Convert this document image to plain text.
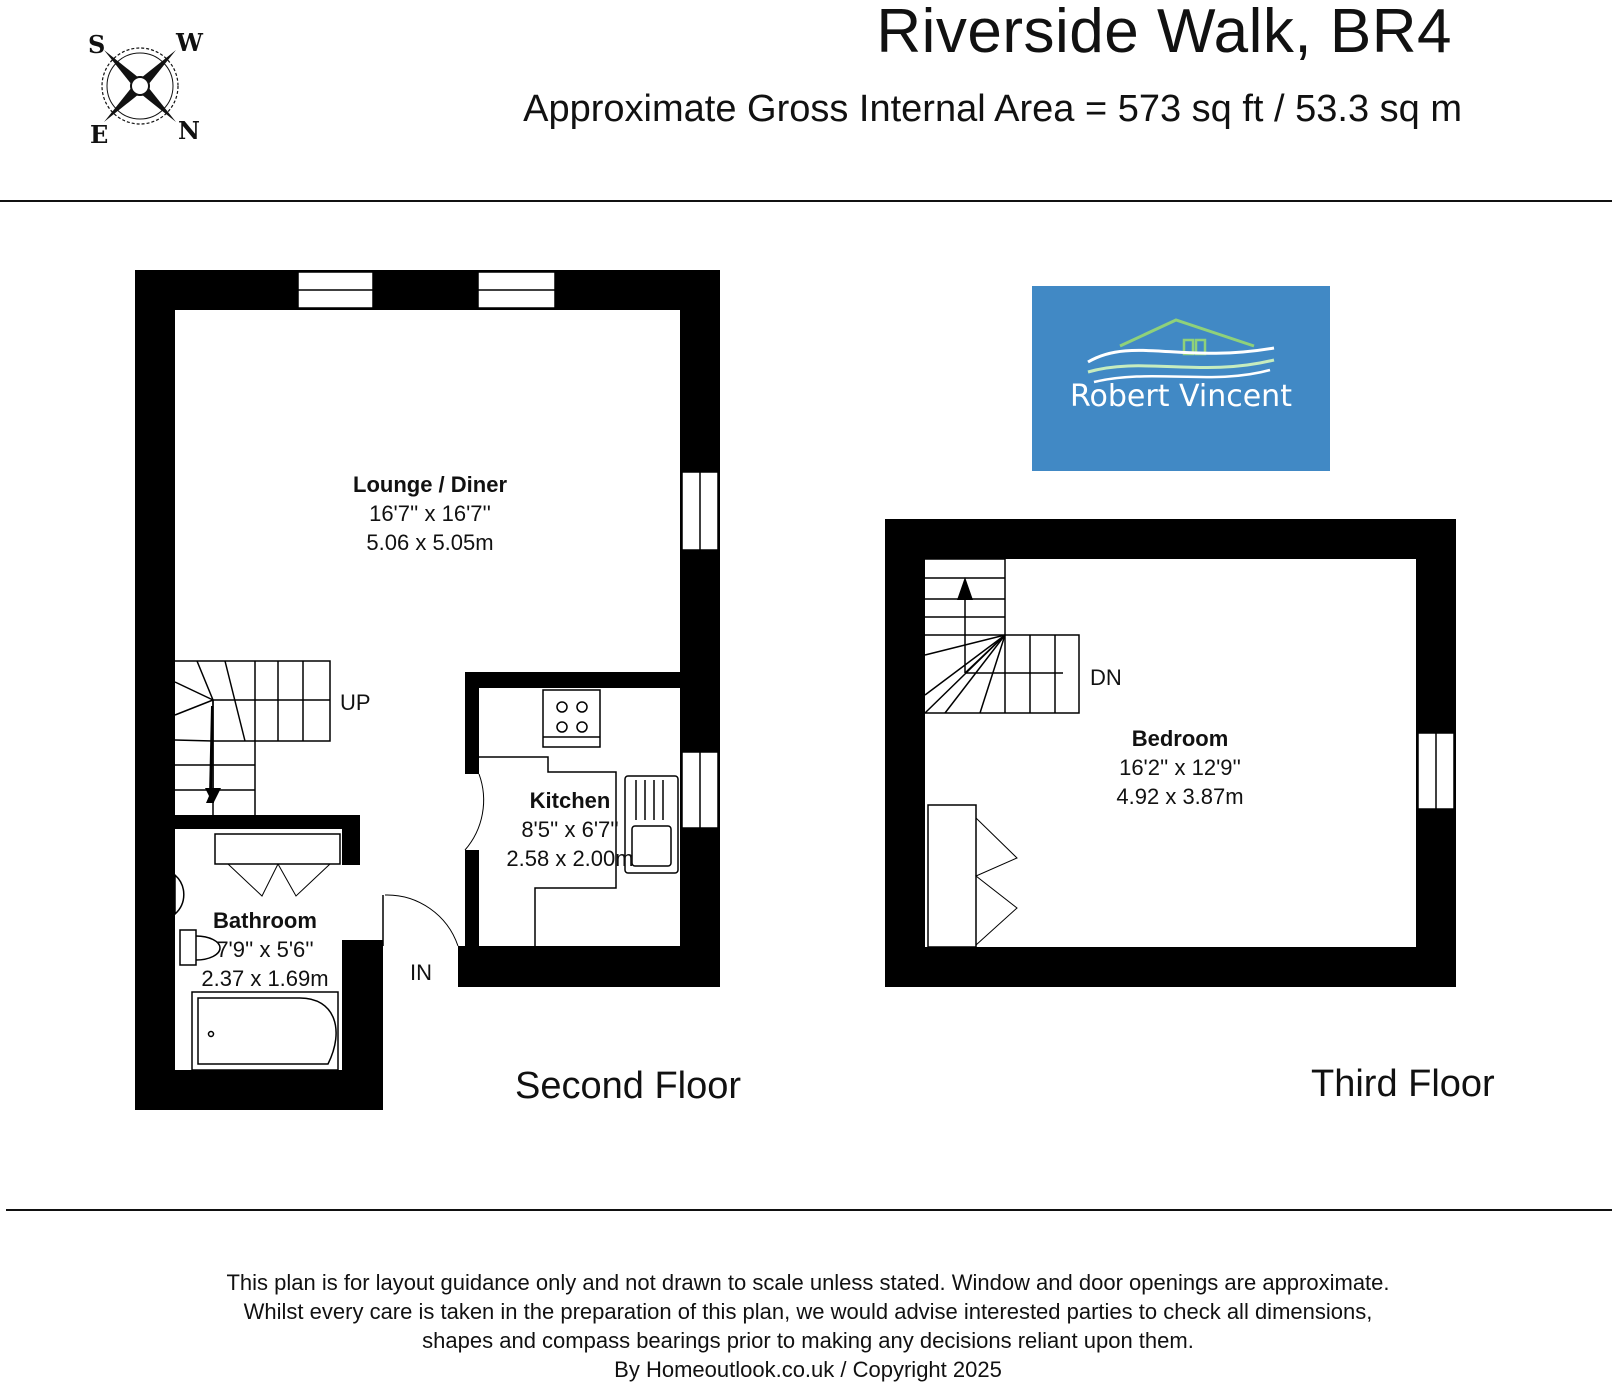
Riverside Walk, BR4
Approximate Gross Internal Area = 573 sq ft / 53.3 sq m
S	W
E	N
Robert Vincent
Lounge / Diner
16'7'' x 16'7''
5.06 x 5.05m
Kitchen
8'5'' x 6'7''
2.58 x 2.00m
Bathroom
7'9'' x 5'6''
2.37 x 1.69m
UP
IN
Bedroom
16'2'' x 12'9''
4.92 x 3.87m
DN
Second Floor	Third Floor
This plan is for layout guidance only and not drawn to scale unless stated. Window and door openings are approximate.
Whilst every care is taken in the preparation of this plan, we would advise interested parties to check all dimensions,
shapes and compass bearings prior to making any decisions reliant upon them.
By Homeoutlook.co.uk / Copyright 2025
